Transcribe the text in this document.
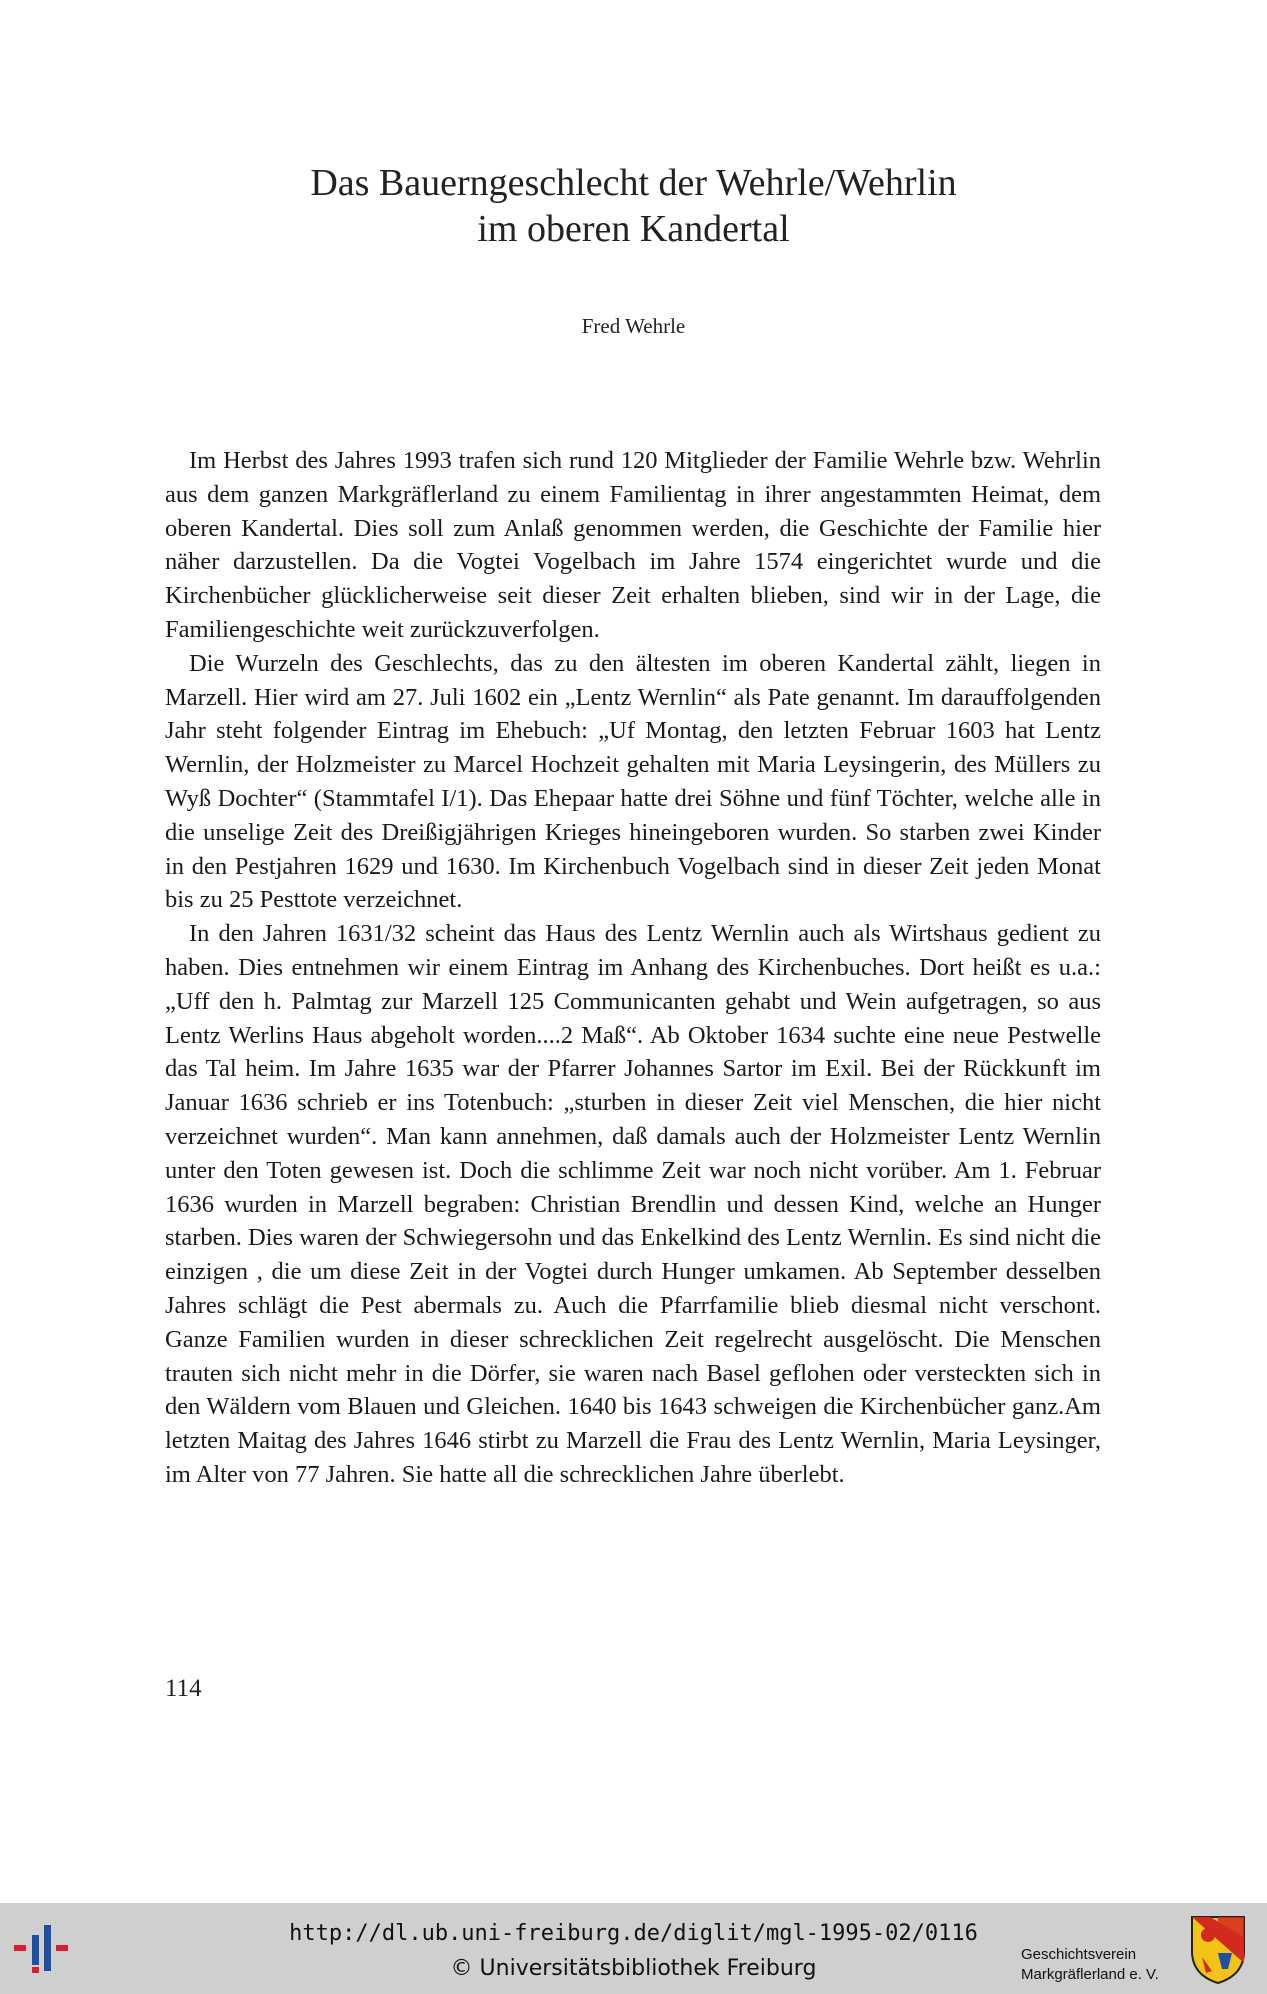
Das Bauerngeschlecht der Wehrle/Wehrlin
im oberen Kandertal
Fred Wehrle

Im Herbst des Jahres 1993 trafen sich rund 120 Mitglieder der Familie Wehrle bzw. Wehrlin aus dem ganzen Markgräflerland zu einem Familientag in ihrer angestammten Heimat, dem oberen Kandertal. Dies soll zum Anlaß genommen werden, die Geschichte der Familie hier näher darzustellen. Da die Vogtei Vogelbach im Jahre 1574 eingerichtet wurde und die Kirchenbücher glücklicherweise seit dieser Zeit erhalten blieben, sind wir in der Lage, die Familiengeschichte weit zurückzuverfolgen.

Die Wurzeln des Geschlechts, das zu den ältesten im oberen Kandertal zählt, liegen in Marzell. Hier wird am 27. Juli 1602 ein „Lentz Wernlin“ als Pate genannt. Im darauffolgenden Jahr steht folgender Eintrag im Ehebuch: „Uf Montag, den letzten Februar 1603 hat Lentz Wernlin, der Holzmeister zu Marcel Hochzeit gehalten mit Maria Leysingerin, des Müllers zu Wyß Dochter“ (Stammtafel I/1). Das Ehepaar hatte drei Söhne und fünf Töchter, welche alle in die unselige Zeit des Dreißigjährigen Krieges hineingeboren wurden. So starben zwei Kinder in den Pestjahren 1629 und 1630. Im Kirchenbuch Vogelbach sind in dieser Zeit jeden Monat bis zu 25 Pesttote verzeichnet.

In den Jahren 1631/32 scheint das Haus des Lentz Wernlin auch als Wirtshaus gedient zu haben. Dies entnehmen wir einem Eintrag im Anhang des Kirchenbuches. Dort heißt es u.a.: „Uff den h. Palmtag zur Marzell 125 Communicanten gehabt und Wein aufgetragen, so aus Lentz Werlins Haus abgeholt worden....2 Maß“. Ab Oktober 1634 suchte eine neue Pestwelle das Tal heim. Im Jahre 1635 war der Pfarrer Johannes Sartor im Exil. Bei der Rückkunft im Januar 1636 schrieb er ins Totenbuch: „sturben in dieser Zeit viel Menschen, die hier nicht verzeichnet wurden“. Man kann annehmen, daß damals auch der Holzmeister Lentz Wernlin unter den Toten gewesen ist. Doch die schlimme Zeit war noch nicht vorüber. Am 1. Februar 1636 wurden in Marzell begraben: Christian Brendlin und dessen Kind, welche an Hunger starben. Dies waren der Schwiegersohn und das Enkelkind des Lentz Wernlin. Es sind nicht die einzigen , die um diese Zeit in der Vogtei durch Hunger umkamen. Ab September desselben Jahres schlägt die Pest abermals zu. Auch die Pfarrfamilie blieb diesmal nicht verschont. Ganze Familien wurden in dieser schrecklichen Zeit regelrecht ausgelöscht. Die Menschen trauten sich nicht mehr in die Dörfer, sie waren nach Basel geflohen oder versteckten sich in den Wäldern vom Blauen und Gleichen. 1640 bis 1643 schweigen die Kirchenbücher ganz.Am letzten Maitag des Jahres 1646 stirbt zu Marzell die Frau des Lentz Wernlin, Maria Leysinger, im Alter von 77 Jahren. Sie hatte all die schrecklichen Jahre überlebt.

114
http://dl.ub.uni-freiburg.de/diglit/mgl-1995-02/0116
© Universitätsbibliothek Freiburg
Geschichtsverein
Markgräflerland e. V.
